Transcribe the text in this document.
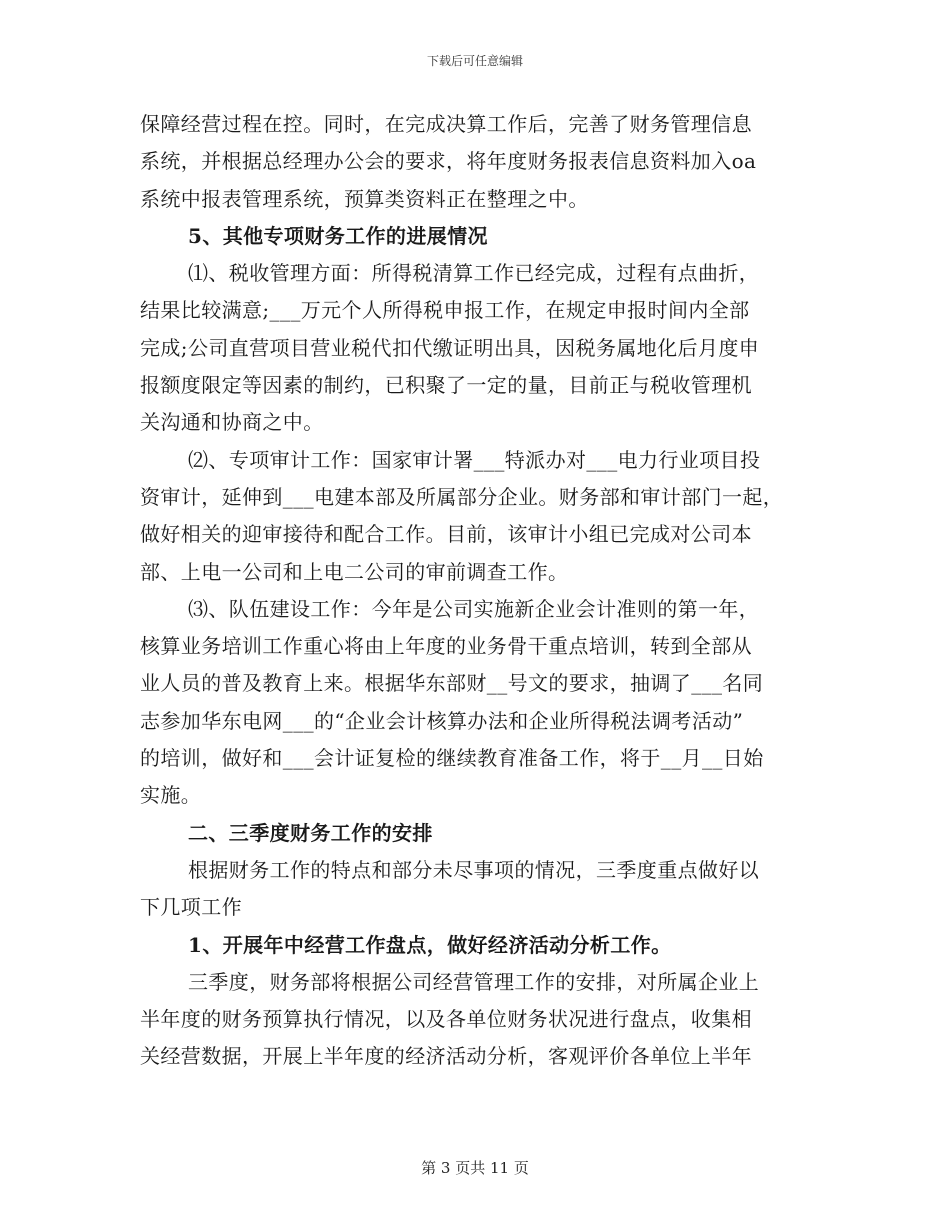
下载后可任意编辑
保障经营过程在控。同时，在完成决算工作后，完善了财务管理信息
系统，并根据总经理办公会的要求，将年度财务报表信息资料加入oa
系统中报表管理系统，预算类资料正在整理之中。
5、其他专项财务工作的进展情况
⑴、税收管理方面：所得税清算工作已经完成，过程有点曲折，
结果比较满意;___万元个人所得税申报工作，在规定申报时间内全部
完成;公司直营项目营业税代扣代缴证明出具，因税务属地化后月度申
报额度限定等因素的制约，已积聚了一定的量，目前正与税收管理机
关沟通和协商之中。
⑵、专项审计工作：国家审计署___特派办对___电力行业项目投
资审计，延伸到___电建本部及所属部分企业。财务部和审计部门一起，
做好相关的迎审接待和配合工作。目前，该审计小组已完成对公司本
部、上电一公司和上电二公司的审前调查工作。
⑶、队伍建设工作：今年是公司实施新企业会计准则的第一年，
核算业务培训工作重心将由上年度的业务骨干重点培训，转到全部从
业人员的普及教育上来。根据华东部财__号文的要求，抽调了___名同
志参加华东电网___的“企业会计核算办法和企业所得税法调考活动”
的培训，做好和___会计证复检的继续教育准备工作，将于__月__日始
实施。
二、三季度财务工作的安排
根据财务工作的特点和部分未尽事项的情况，三季度重点做好以
下几项工作
1、开展年中经营工作盘点，做好经济活动分析工作。
三季度，财务部将根据公司经营管理工作的安排，对所属企业上
半年度的财务预算执行情况，以及各单位财务状况进行盘点，收集相
关经营数据，开展上半年度的经济活动分析，客观评价各单位上半年
第 3 页共 11 页
